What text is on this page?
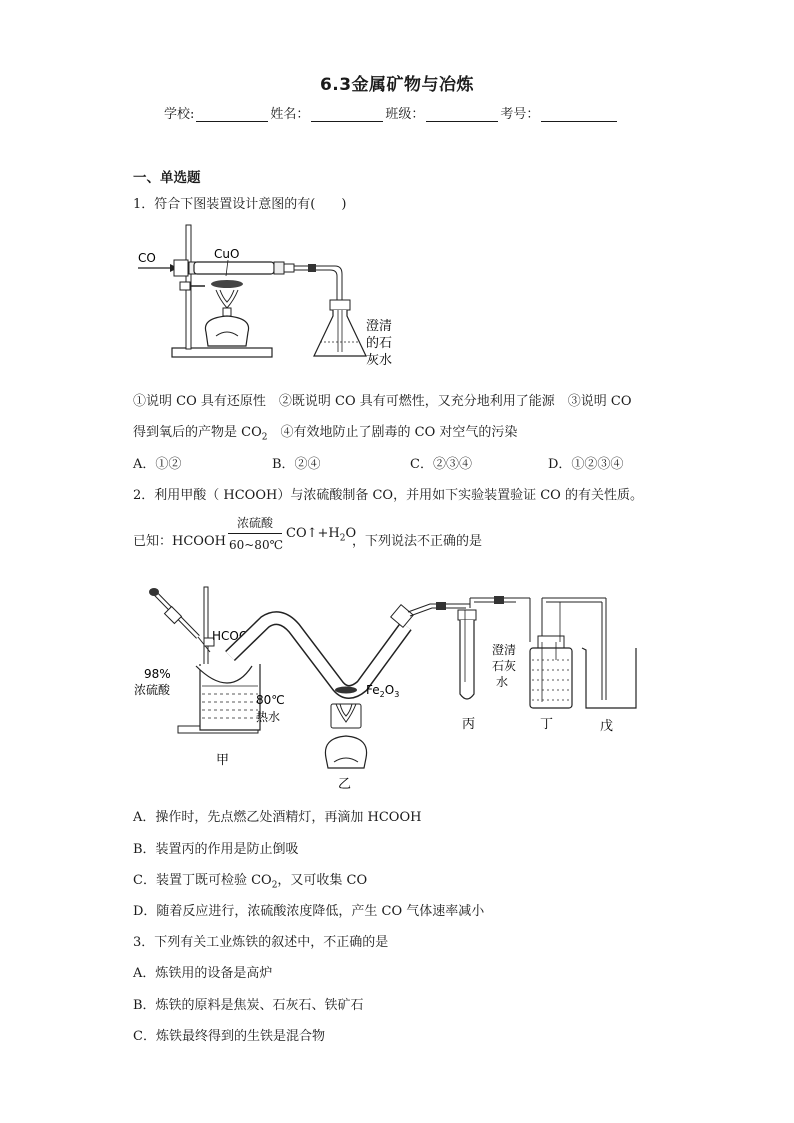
6.3金属矿物与冶炼
学校:	姓名：	班级：	考号：
一、单选题
1．符合下图装置设计意图的有(　　)
CO	CuO
澄清
的石
灰水
①说明 CO 具有还原性　②既说明 CO 具有可燃性，又充分地利用了能源　③说明 CO
得到氧后的产物是 $CO_2$　④有效地防止了剧毒的 CO 对空气的污染
A．①②	B．②④	C．②③④	D．①②③④
2．利用甲酸（ HCOOH）与浓硫酸制备 CO，并用如下实验装置验证 CO 的有关性质。
已知：HCOOH
浓硫酸
60~80℃
$CO↑+H_2O$
，下列说法不正确的是
HCOOH
98%
浓硫酸
80℃
热水
甲
$Fe_2O_3$
乙
丙
澄清
石灰
水
丁	戊
A．操作时，先点燃乙处酒精灯，再滴加 HCOOH
B．装置丙的作用是防止倒吸
C．装置丁既可检验 $CO_2$，又可收集 CO
D．随着反应进行，浓硫酸浓度降低，产生 CO 气体速率减小
3．下列有关工业炼铁的叙述中，不正确的是
A．炼铁用的设备是高炉
B．炼铁的原料是焦炭、石灰石、铁矿石
C．炼铁最终得到的生铁是混合物
